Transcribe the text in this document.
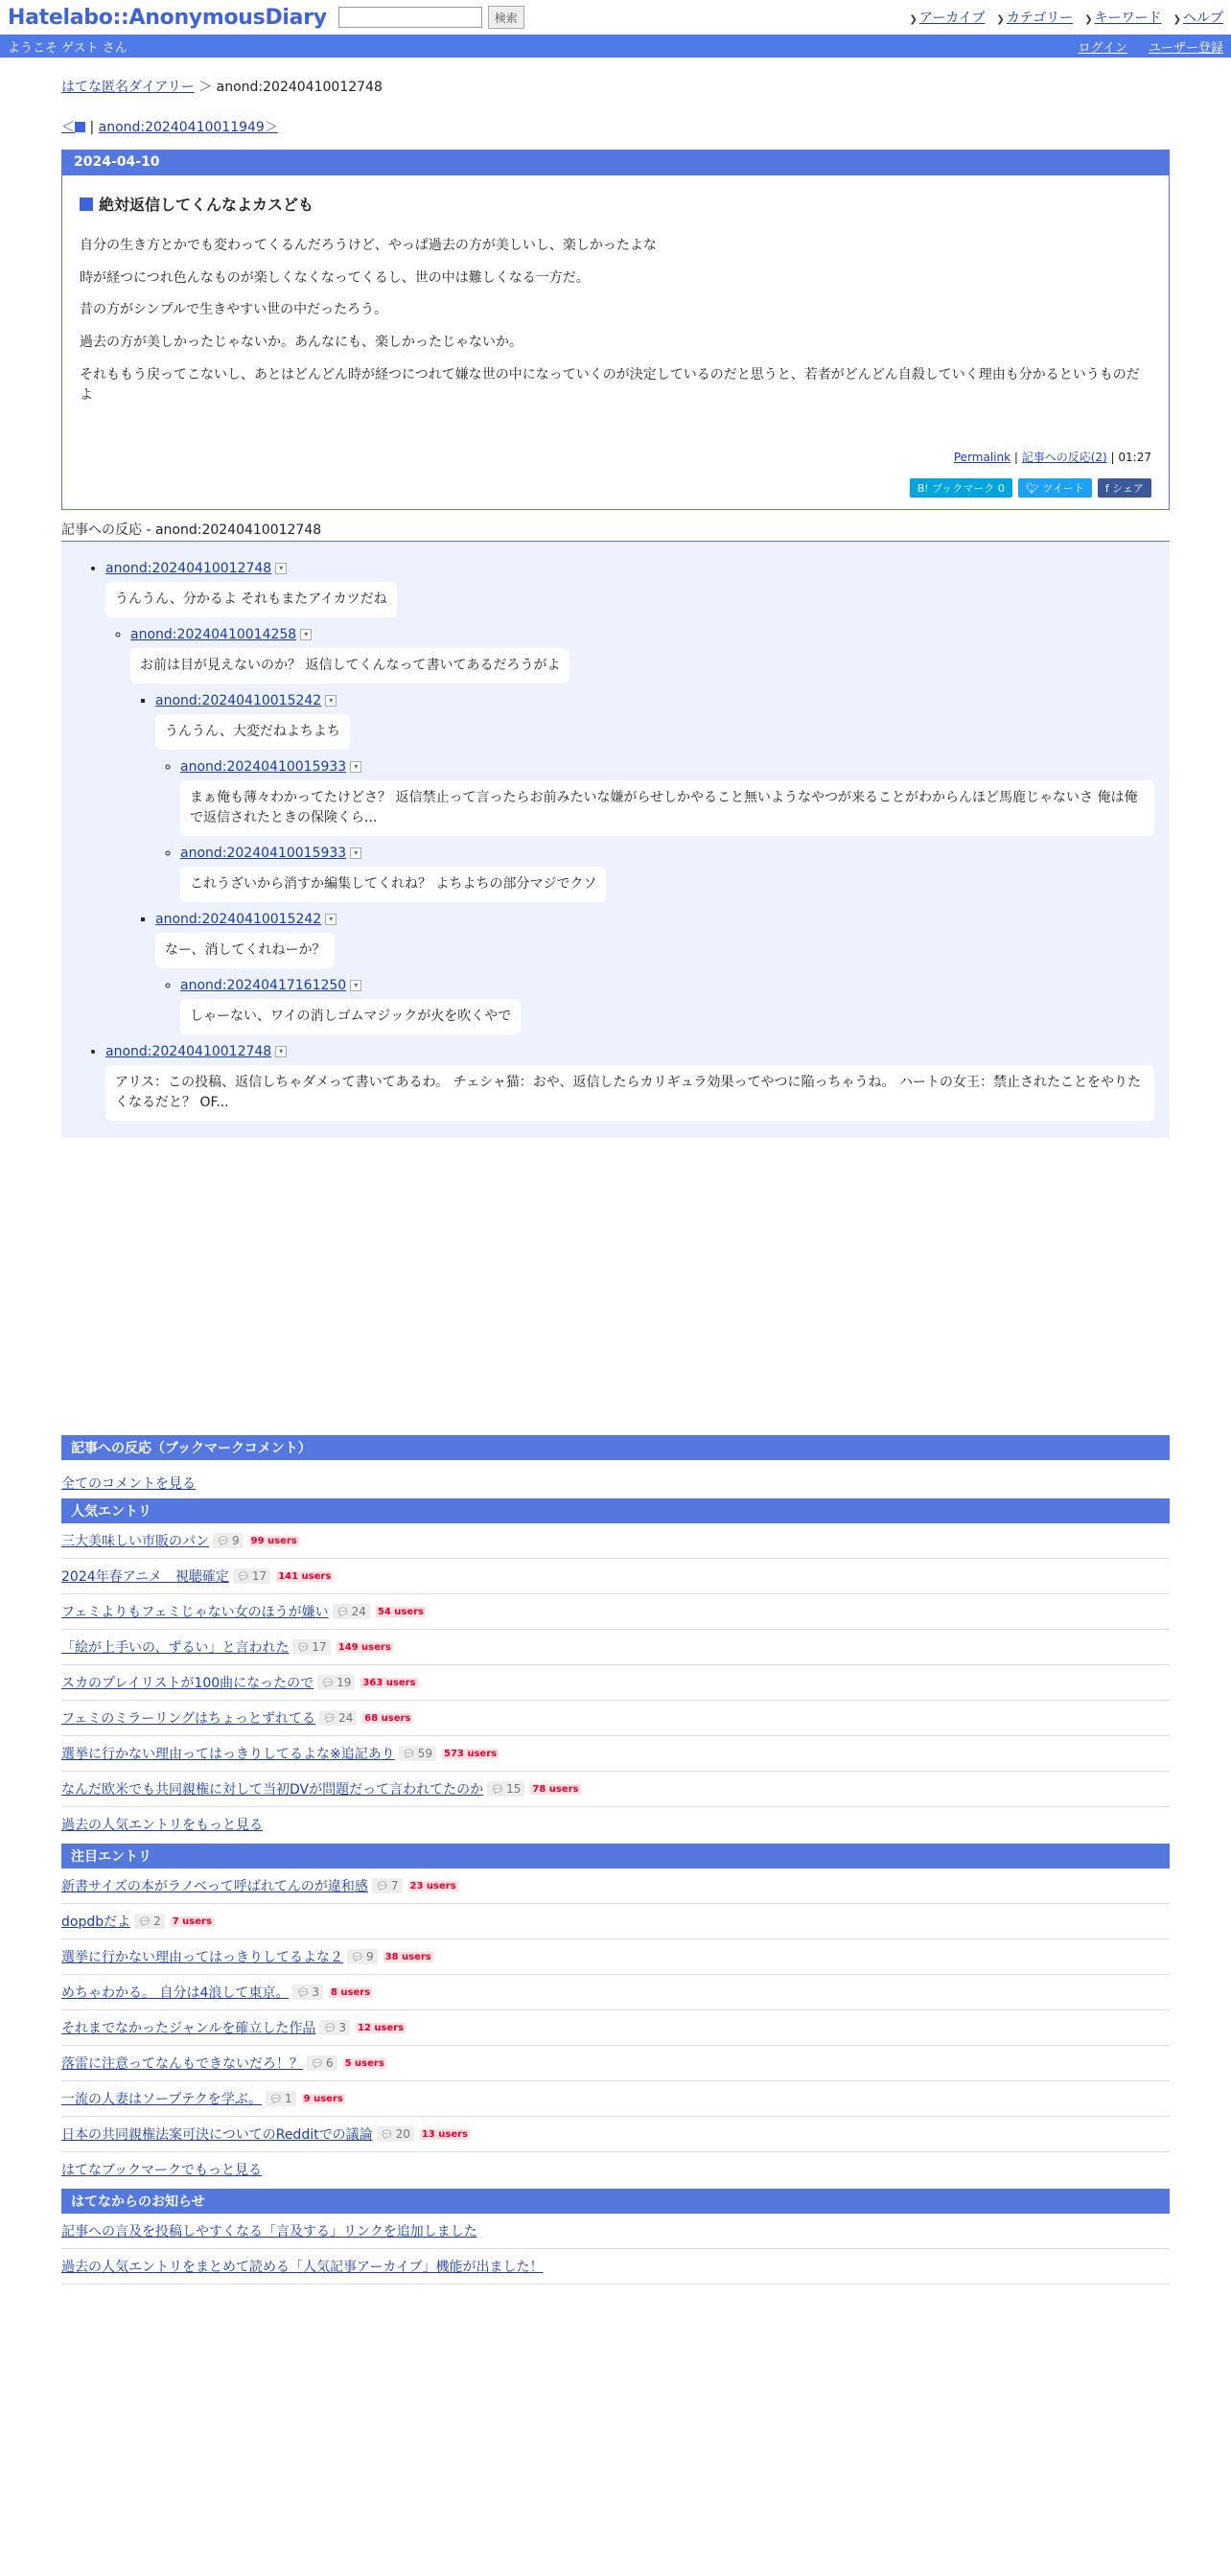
Hatelabo::AnonymousDiary	検索	❯ アーカイブ ❯ カテゴリー ❯ キーワード ❯ ヘルプ
ようこそ ゲスト さん	ログイン ユーザー登録
はてな匿名ダイアリー ＞ anond:20240410012748
＜ | anond:20240410011949＞
2024-04-10
絶対返信してくんなよカスども

自分の生き方とかでも変わってくるんだろうけど、やっぱ過去の方が美しいし、楽しかったよな

時が経つにつれ色んなものが楽しくなくなってくるし、世の中は難しくなる一方だ。

昔の方がシンプルで生きやすい世の中だったろう。

過去の方が美しかったじゃないか。あんなにも、楽しかったじゃないか。

それももう戻ってこないし、あとはどんどん時が経つにつれて嫌な世の中になっていくのが決定しているのだと思うと、若者がどんどん自殺していく理由も分かるというものだよ

Permalink | 記事への反応(2) | 01:27
B! ブックマーク 0	🐦︎ ツイート	f シェア
記事への反応 - anond:20240410012748
• anond:20240410012748 ▾
うんうん、分かるよ それもまたアイカツだね
◦ anond:20240410014258 ▾
お前は目が見えないのか？ 返信してくんなって書いてあるだろうがよ
▪ anond:20240410015242 ▾
うんうん、大変だねよちよち
◦ anond:20240410015933 ▾
まぁ俺も薄々わかってたけどさ？ 返信禁止って言ったらお前みたいな嫌がらせしかやること無いようなやつが来ることがわからんほど馬鹿じゃないさ 俺は俺で返信されたときの保険くら...
◦ anond:20240410015933 ▾
これうざいから消すか編集してくれね？ よちよちの部分マジでクソ
▪ anond:20240410015242 ▾
なー、消してくれねーか？
◦ anond:20240417161250 ▾
しゃーない、ワイの消しゴムマジックが火を吹くやで
• anond:20240410012748 ▾
アリス：この投稿、返信しちゃダメって書いてあるわ。 チェシャ猫：おや、返信したらカリギュラ効果ってやつに陥っちゃうね。 ハートの女王：禁止されたことをやりたくなるだと？ OF...
記事への反応（ブックマークコメント）
全てのコメントを見る
人気エントリ
三大美味しい市販のパン 💬︎ 9	99 users
2024年春アニメ　視聴確定 💬︎ 17	141 users
フェミよりもフェミじゃない女のほうが嫌い 💬︎ 24	54 users
「絵が上手いの、ずるい」と言われた 💬︎ 17	149 users
スカのプレイリストが100曲になったので 💬︎ 19	363 users
フェミのミラーリングはちょっとずれてる 💬︎ 24	68 users
選挙に行かない理由ってはっきりしてるよな※追記あり 💬︎ 59	573 users
なんだ欧米でも共同親権に対して当初DVが問題だって言われてたのか 💬︎ 15	78 users
過去の人気エントリをもっと見る
注目エントリ
新書サイズの本がラノベって呼ばれてんのが違和感 💬︎ 7	23 users
dopdbだよ 💬︎ 2	7 users
選挙に行かない理由ってはっきりしてるよな２ 💬︎ 9	38 users
めちゃわかる。 自分は4浪して東京。 💬︎ 3	8 users
それまでなかったジャンルを確立した作品 💬︎ 3	12 users
落雷に注意ってなんもできないだろ！？ 💬︎ 6	5 users
一流の人妻はソープテクを学ぶ。 💬︎ 1	9 users
日本の共同親権法案可決についてのRedditでの議論 💬︎ 20	13 users
はてなブックマークでもっと見る
はてなからのお知らせ
記事への言及を投稿しやすくなる「言及する」リンクを追加しました
過去の人気エントリをまとめて読める「人気記事アーカイブ」機能が出ました！
